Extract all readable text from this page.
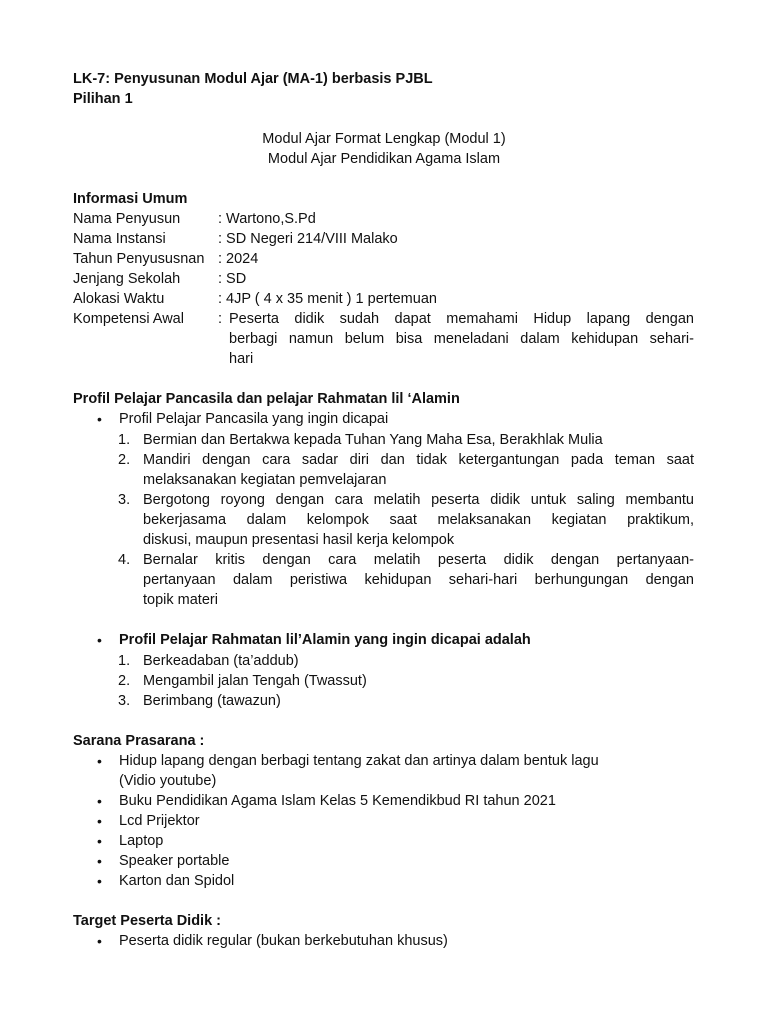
LK-7: Penyusunan Modul Ajar (MA-1) berbasis PJBL
Pilihan 1
Modul Ajar Format Lengkap (Modul 1)
Modul Ajar Pendidikan Agama Islam
Informasi Umum
Nama Penyusun	: Wartono,S.Pd
Nama Instansi	: SD Negeri 214/VIII Malako
Tahun Penyususnan : 2024
Jenjang Sekolah	: SD
Alokasi Waktu	: 4JP ( 4 x 35 menit ) 1 pertemuan
Kompetensi Awal : Peserta didik sudah dapat memahami Hidup lapang dengan
berbagi namun belum bisa meneladani dalam kehidupan sehari-
hari
Profil Pelajar Pancasila dan pelajar Rahmatan lil ‘Alamin
• Profil Pelajar Pancasila yang ingin dicapai
1. Bermian dan Bertakwa kepada Tuhan Yang Maha Esa, Berakhlak Mulia
2. Mandiri dengan cara sadar diri dan tidak ketergantungan pada teman saat
melaksanakan kegiatan pemvelajaran
3. Bergotong royong dengan cara melatih peserta didik untuk saling membantu
bekerjasama dalam kelompok saat melaksanakan kegiatan praktikum,
diskusi, maupun presentasi hasil kerja kelompok
4. Bernalar kritis dengan cara melatih peserta didik dengan pertanyaan-
pertanyaan dalam peristiwa kehidupan sehari-hari berhungungan dengan
topik materi
• Profil Pelajar Rahmatan lil’Alamin yang ingin dicapai adalah
1. Berkeadaban (ta’addub)
2. Mengambil jalan Tengah (Twassut)
3. Berimbang (tawazun)
Sarana Prasarana :
• Hidup lapang dengan berbagi tentang zakat dan artinya dalam bentuk lagu
(Vidio youtube)
• Buku Pendidikan Agama Islam Kelas 5 Kemendikbud RI tahun 2021
• Lcd Prijektor
• Laptop
• Speaker portable
• Karton dan Spidol
Target Peserta Didik :
• Peserta didik regular (bukan berkebutuhan khusus)
